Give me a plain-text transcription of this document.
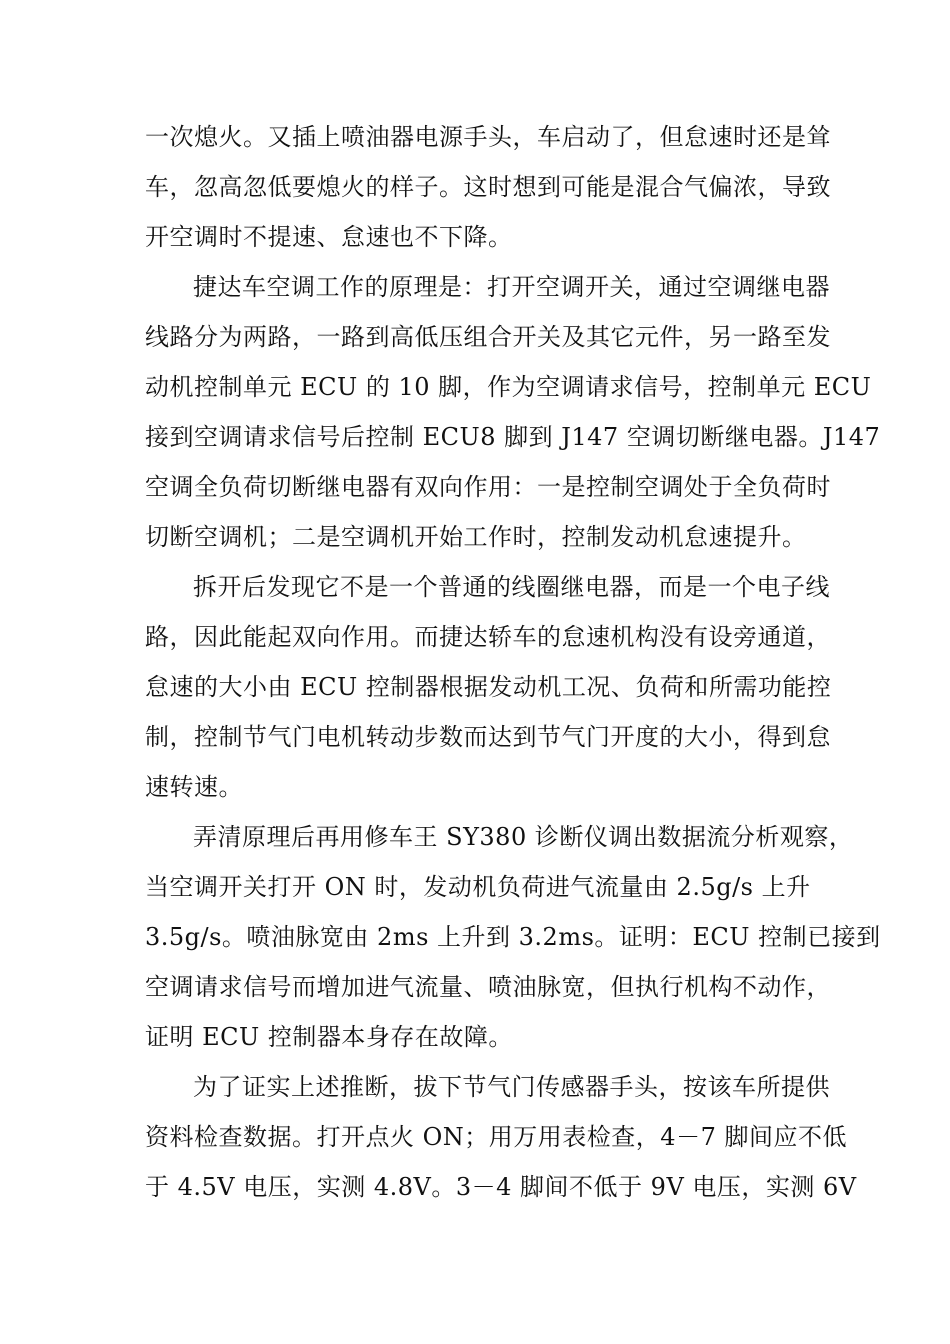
一次熄火。又插上喷油器电源手头，车启动了，但怠速时还是耸
车，忽高忽低要熄火的样子。这时想到可能是混合气偏浓，导致
开空调时不提速、怠速也不下降。
捷达车空调工作的原理是：打开空调开关，通过空调继电器
线路分为两路，一路到高低压组合开关及其它元件，另一路至发
动机控制单元 ECU 的 10 脚，作为空调请求信号，控制单元 ECU
接到空调请求信号后控制 ECU8 脚到 J147 空调切断继电器。J147
空调全负荷切断继电器有双向作用：一是控制空调处于全负荷时
切断空调机；二是空调机开始工作时，控制发动机怠速提升。
拆开后发现它不是一个普通的线圈继电器，而是一个电子线
路，因此能起双向作用。而捷达轿车的怠速机构没有设旁通道，
怠速的大小由 ECU 控制器根据发动机工况、负荷和所需功能控
制，控制节气门电机转动步数而达到节气门开度的大小，得到怠
速转速。
弄清原理后再用修车王 SY380 诊断仪调出数据流分析观察，
当空调开关打开 ON 时，发动机负荷进气流量由 2.5g/s 上升
3.5g/s。喷油脉宽由 2ms 上升到 3.2ms。证明：ECU 控制已接到
空调请求信号而增加进气流量、喷油脉宽，但执行机构不动作，
证明 ECU 控制器本身存在故障。
为了证实上述推断，拔下节气门传感器手头，按该车所提供
资料检查数据。打开点火 ON；用万用表检查，4－7 脚间应不低
于 4.5V 电压，实测 4.8V。3－4 脚间不低于 9V 电压，实测 6V
